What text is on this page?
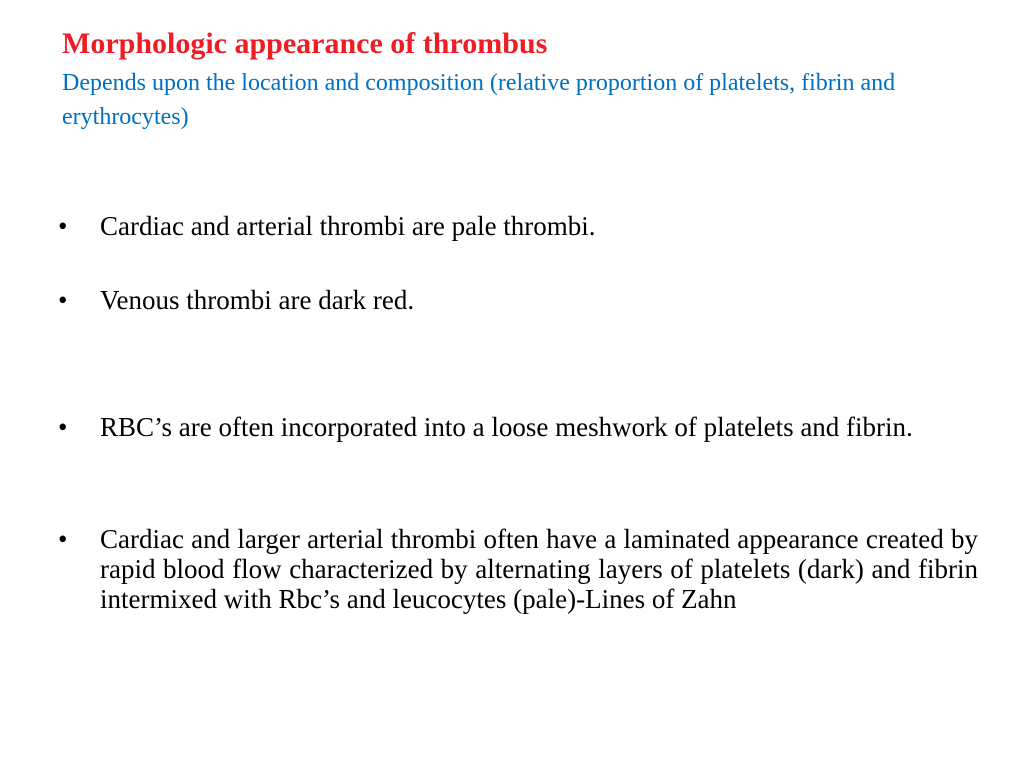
Morphologic appearance of thrombus

Depends upon the location and composition (relative proportion of platelets, fibrin and erythrocytes)

•	Cardiac and arterial thrombi are pale thrombi.
•	Venous thrombi are dark red.
•	RBC’s are often incorporated into a loose meshwork of platelets and fibrin.
•	Cardiac and larger arterial thrombi often have a laminated appearance created by rapid blood flow characterized by alternating layers of platelets (dark) and fibrin intermixed with Rbc’s and leucocytes (pale)-Lines of Zahn
